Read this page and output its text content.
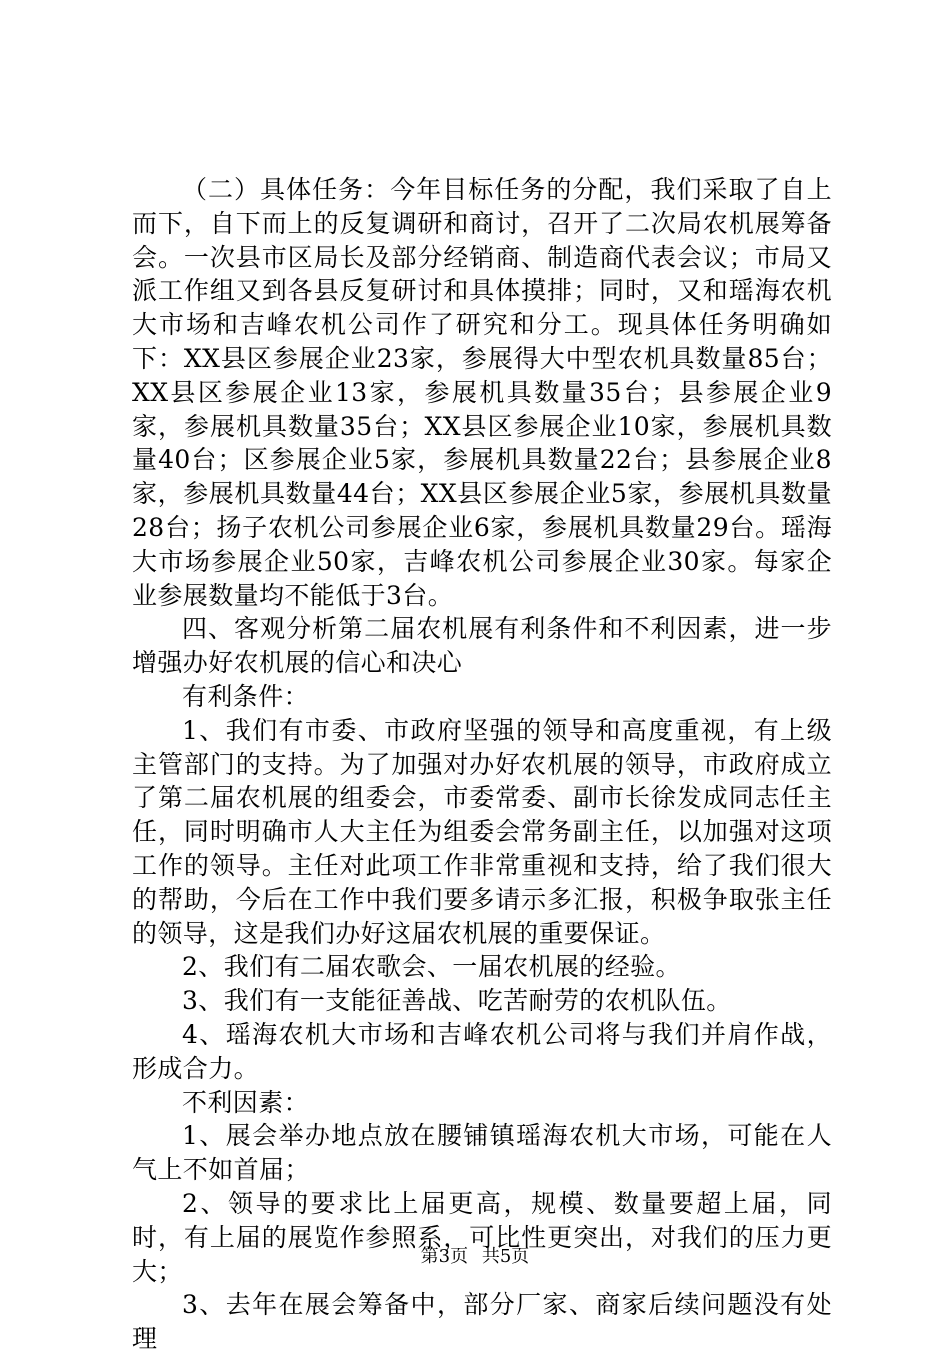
（二）具体任务：今年目标任务的分配，我们采取了自上而下，自下而上的反复调研和商讨，召开了二次局农机展筹备会。一次县市区局长及部分经销商、制造商代表会议；市局又派工作组又到各县反复研讨和具体摸排；同时，又和瑶海农机大市场和吉峰农机公司作了研究和分工。现具体任务明确如下：XX县区参展企业23家，参展得大中型农机具数量85台；XX县区参展企业13家，参展机具数量35台；县参展企业9家，参展机具数量35台；XX县区参展企业10家，参展机具数量40台；区参展企业5家，参展机具数量22台；县参展企业8家，参展机具数量44台；XX县区参展企业5家，参展机具数量28台；扬子农机公司参展企业6家，参展机具数量29台。瑶海大市场参展企业50家，吉峰农机公司参展企业30家。每家企业参展数量均不能低于3台。

四、客观分析第二届农机展有利条件和不利因素，进一步增强办好农机展的信心和决心

有利条件：

1、我们有市委、市政府坚强的领导和高度重视，有上级主管部门的支持。为了加强对办好农机展的领导，市政府成立了第二届农机展的组委会，市委常委、副市长徐发成同志任主任，同时明确市人大主任为组委会常务副主任，以加强对这项工作的领导。主任对此项工作非常重视和支持，给了我们很大的帮助，今后在工作中我们要多请示多汇报，积极争取张主任的领导，这是我们办好这届农机展的重要保证。

2、我们有二届农歌会、一届农机展的经验。

3、我们有一支能征善战、吃苦耐劳的农机队伍。

4、瑶海农机大市场和吉峰农机公司将与我们并肩作战，形成合力。

不利因素：

1、展会举办地点放在腰铺镇瑶海农机大市场，可能在人气上不如首届；

2、领导的要求比上届更高，规模、数量要超上届，同时，有上届的展览作参照系，可比性更突出，对我们的压力更大；

3、去年在展会筹备中，部分厂家、商家后续问题没有处理

第3页 共5页
